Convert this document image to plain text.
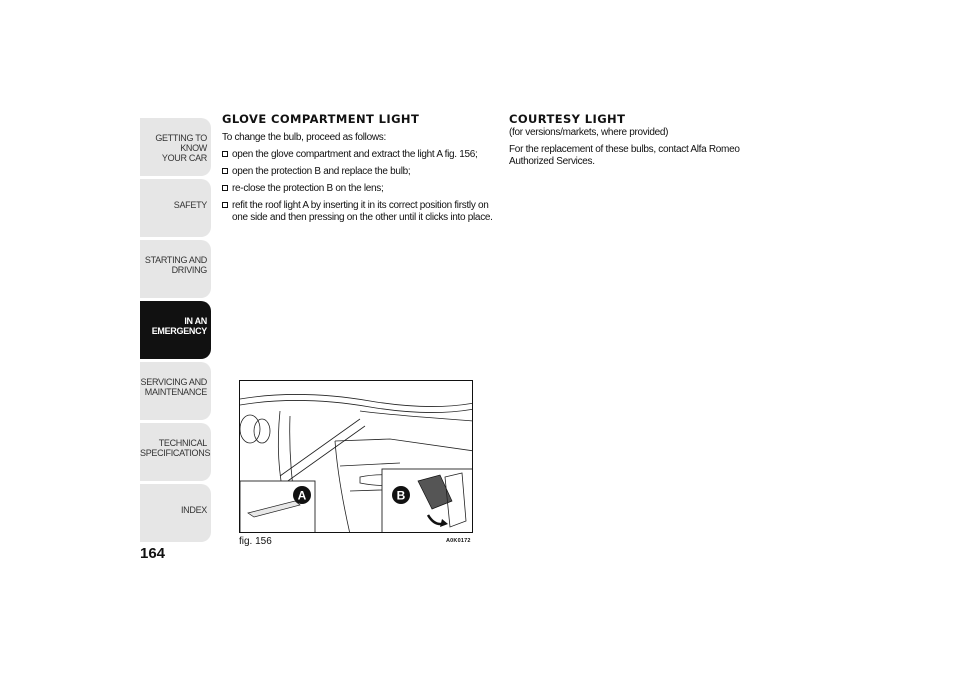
GETTING TO KNOW
YOUR CAR
SAFETY
STARTING AND
DRIVING
IN AN
EMERGENCY
SERVICING AND
MAINTENANCE
TECHNICAL
SPECIFICATIONS
INDEX
164
GLOVE COMPARTMENT LIGHT

To change the bulb, proceed as follows:

open the glove compartment and extract the light A fig. 156;
open the protection B and replace the bulb;
re-close the protection B on the lens;
refit the roof light A by inserting it in its correct position firstly on one side and then pressing on the other until it clicks into place.
COURTESY LIGHT

(for versions/markets, where provided)

For the replacement of these bulbs, contact Alfa Romeo Authorized Services.

A	B
fig. 156	A0K0172
